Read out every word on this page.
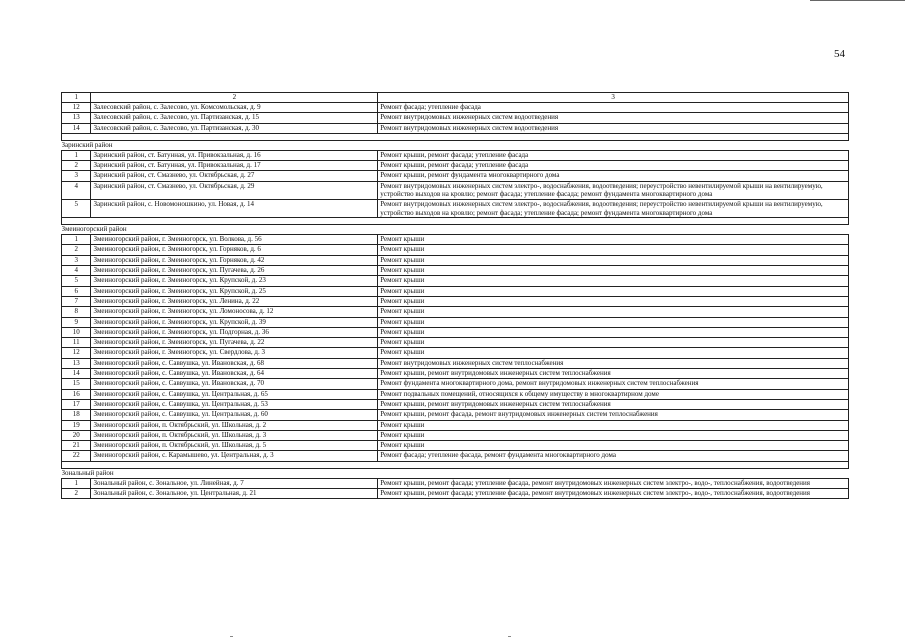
54
1	2	3
12	Залесовский район, с. Залесово, ул. Комсомольская, д. 9	Ремонт фасада; утепление фасада
13	Залесовский район, с. Залесово, ул. Партизанская, д. 15	Ремонт внутридомовых инженерных систем водоотведения
14	Залесовский район, с. Залесово, ул. Партизанская, д. 30	Ремонт внутридомовых инженерных систем водоотведения

Заринский район		
1	Заринский район, ст. Батунная, ул. Привокзальная, д. 16	Ремонт крыши, ремонт фасада; утепление фасада
2	Заринский район, ст. Батунная, ул. Привокзальная, д. 17	Ремонт крыши, ремонт фасада; утепление фасада
3	Заринский район, ст. Смазнево, ул. Октябрьская, д. 27	Ремонт крыши, ремонт фундамента многоквартирного дома
4	Заринский район, ст. Смазнево, ул. Октябрьская, д. 29	Ремонт внутридомовых инженерных систем электро-, водоснабжения, водоотведения; переустройство невентилируемой крыши на вентилируемую, устройство выходов на кровлю; ремонт фасада; утепление фасада; ремонт фундамента многоквартирного дома
5	Заринский район, с. Новомоношкино, ул. Новая, д. 14	Ремонт внутридомовых инженерных систем электро-, водоснабжения, водоотведения; переустройство невентилируемой крыши на вентилируемую, устройство выходов на кровлю; ремонт фасада; утепление фасада; ремонт фундамента многоквартирного дома

Змеиногорский район		
1	Змеиногорский район, г. Змеиногорск, ул. Волкова, д. 56	Ремонт крыши
2	Змеиногорский район, г. Змеиногорск, ул. Горняков, д. 6	Ремонт крыши
3	Змеиногорский район, г. Змеиногорск, ул. Горняков, д. 42	Ремонт крыши
4	Змеиногорский район, г. Змеиногорск, ул. Пугачева, д. 26	Ремонт крыши
5	Змеиногорский район, г. Змеиногорск, ул. Крупской, д. 23	Ремонт крыши
6	Змеиногорский район, г. Змеиногорск, ул. Крупской, д. 25	Ремонт крыши
7	Змеиногорский район, г. Змеиногорск, ул. Ленина, д. 22	Ремонт крыши
8	Змеиногорский район, г. Змеиногорск, ул. Ломоносова, д. 12	Ремонт крыши
9	Змеиногорский район, г. Змеиногорск, ул. Крупской, д. 39	Ремонт крыши
10	Змеиногорский район, г. Змеиногорск, ул. Подгорная, д. 36	Ремонт крыши
11	Змеиногорский район, г. Змеиногорск, ул. Пугачева, д. 22	Ремонт крыши
12	Змеиногорский район, г. Змеиногорск, ул. Свердлова, д. 3	Ремонт крыши
13	Змеиногорский район, с. Саввушка, ул. Ивановская, д. 68	Ремонт внутридомовых инженерных систем теплоснабжения
14	Змеиногорский район, с. Саввушка, ул. Ивановская, д. 64	Ремонт крыши, ремонт внутридомовых инженерных систем теплоснабжения
15	Змеиногорский район, с. Саввушка, ул. Ивановская, д. 70	Ремонт фундамента многоквартирного дома, ремонт внутридомовых инженерных систем теплоснабжения
16	Змеиногорский район, с. Саввушка, ул. Центральная, д. 65	Ремонт подвальных помещений, относящихся к общему имуществу в многоквартирном доме
17	Змеиногорский район, с. Саввушка, ул. Центральная, д. 53	Ремонт крыши, ремонт внутридомовых инженерных систем теплоснабжения
18	Змеиногорский район, с. Саввушка, ул. Центральная, д. 60	Ремонт крыши, ремонт фасада, ремонт внутридомовых инженерных систем теплоснабжения
19	Змеиногорский район, п. Октябрьский, ул. Школьная, д. 2	Ремонт крыши
20	Змеиногорский район, п. Октябрьский, ул. Школьная, д. 3	Ремонт крыши
21	Змеиногорский район, п. Октябрьский, ул. Школьная, д. 5	Ремонт крыши
22	Змеиногорский район, с. Карамышево, ул. Центральная, д. 3	Ремонт фасада; утепление фасада, ремонт фундамента многоквартирного дома

Зональный район		
1	Зональный район, с. Зональное, ул. Линейная, д. 7	Ремонт крыши, ремонт фасада; утепление фасада, ремонт внутридомовых инженерных систем электро-, водо-, теплоснабжения, водоотведения
2	Зональный район, с. Зональное, ул. Центральная, д. 21	Ремонт крыши, ремонт фасада; утепление фасада, ремонт внутридомовых инженерных систем электро-, водо-, теплоснабжения, водоотведения
